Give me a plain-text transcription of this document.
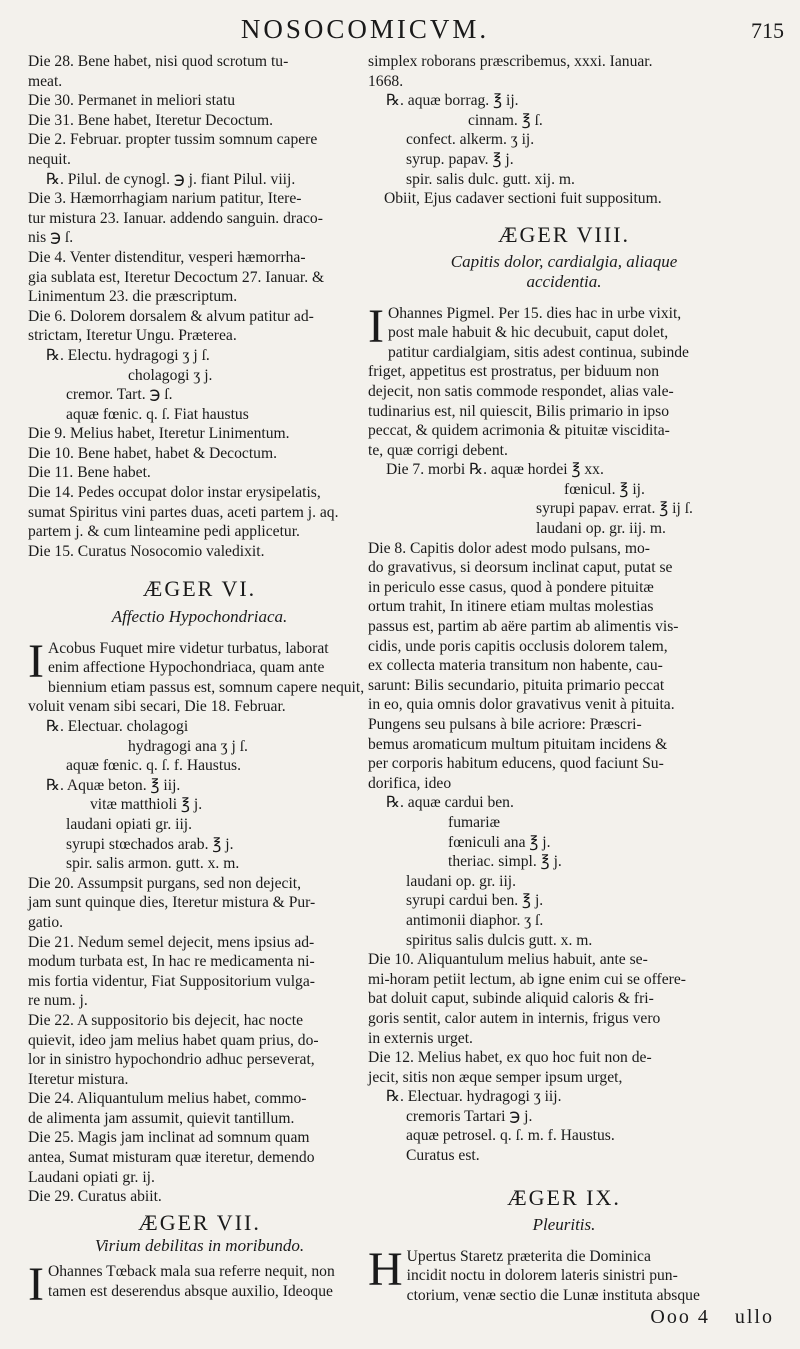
NOSOCOMICVM.	715

Die 28. Bene habet, nisi quod scrotum tu-

meat.

Die 30. Permanet in meliori statu

Die 31. Bene habet, Iteretur Decoctum.

Die 2. Februar. propter tussim somnum capere

nequit.

℞. Pilul. de cynogl. ℈ j. fiant Pilul. viij.

Die 3. Hæmorrhagiam narium patitur, Itere-

tur mistura 23. Ianuar. addendo sanguin. draco-

nis ℈ ſ.

Die 4. Venter distenditur, vesperi hæmorrha-

gia sublata est, Iteretur Decoctum 27. Ianuar. &

Linimentum 23. die præscriptum.

Die 6. Dolorem dorsalem & alvum patitur ad-

strictam, Iteretur Ungu. Præterea.

℞. Electu. hydragogi ʒ j ſ.

cholagogi ʒ j.

cremor. Tart. ℈ ſ.

aquæ fœnic. q. ſ. Fiat haustus

Die 9. Melius habet, Iteretur Linimentum.

Die 10. Bene habet, habet & Decoctum.

Die 11. Bene habet.

Die 14. Pedes occupat dolor instar erysipelatis,

sumat Spiritus vini partes duas, aceti partem j. aq.

partem j. & cum linteamine pedi applicetur.

Die 15. Curatus Nosocomio valedixit.

ÆGER VI.
Affectio Hypochondriaca.
I Acobus Fuquet mire videtur turbatus, laborat

enim affectione Hypochondriaca, quam ante

biennium etiam passus est, somnum capere nequit,

voluit venam sibi secari, Die 18. Februar.

℞. Electuar. cholagogi

hydragogi ana ʒ j ſ.

aquæ fœnic. q. ſ. f. Haustus.

℞. Aquæ beton. ℥ iij.

vitæ matthioli ℥ j.

laudani opiati gr. iij.

syrupi stœchados arab. ℥ j.

spir. salis armon. gutt. x. m.

Die 20. Assumpsit purgans, sed non dejecit,

jam sunt quinque dies, Iteretur mistura & Pur-

gatio.

Die 21. Nedum semel dejecit, mens ipsius ad-

modum turbata est, In hac re medicamenta ni-

mis fortia videntur, Fiat Suppositorium vulga-

re num. j.

Die 22. A suppositorio bis dejecit, hac nocte

quievit, ideo jam melius habet quam prius, do-

lor in sinistro hypochondrio adhuc perseverat,

Iteretur mistura.

Die 24. Aliquantulum melius habet, commo-

de alimenta jam assumit, quievit tantillum.

Die 25. Magis jam inclinat ad somnum quam

antea, Sumat misturam quæ iteretur, demendo

Laudani opiati gr. ij.

Die 29. Curatus abiit.

ÆGER VII.
Virium debilitas in moribundo.
I Ohannes Tœback mala sua referre nequit, non

tamen est deserendus absque auxilio, Ideoque

simplex roborans præscribemus, xxxi. Ianuar.

1668.

℞. aquæ borrag. ℥ ij.

cinnam. ℥ ſ.

confect. alkerm. ʒ ij.

syrup. papav. ℥ j.

spir. salis dulc. gutt. xij. m.

Obiit, Ejus cadaver sectioni fuit suppositum.

ÆGER VIII.
Capitis dolor, cardialgia, aliaque
accidentia.
I Ohannes Pigmel. Per 15. dies hac in urbe vixit,

post male habuit & hic decubuit, caput dolet,

patitur cardialgiam, sitis adest continua, subinde

friget, appetitus est prostratus, per biduum non

dejecit, non satis commode respondet, alias vale-

tudinarius est, nil quiescit, Bilis primario in ipso

peccat, & quidem acrimonia & pituitæ viscidita-

te, quæ corrigi debent.

Die 7. morbi ℞. aquæ hordei ℥ xx.

fœnicul. ℥ ij.

syrupi papav. errat. ℥ ij ſ.

laudani op. gr. iij. m.

Die 8. Capitis dolor adest modo pulsans, mo-

do gravativus, si deorsum inclinat caput, putat se

in periculo esse casus, quod à pondere pituitæ

ortum trahit, In itinere etiam multas molestias

passus est, partim ab aëre partim ab alimentis vis-

cidis, unde poris capitis occlusis dolorem talem,

ex collecta materia transitum non habente, cau-

sarunt: Bilis secundario, pituita primario peccat

in eo, quia omnis dolor gravativus venit à pituita.

Pungens seu pulsans à bile acriore: Præscri-

bemus aromaticum multum pituitam incidens &

per corporis habitum educens, quod faciunt Su-

dorifica, ideo

℞. aquæ cardui ben.

fumariæ

fœniculi ana ℥ j.

theriac. simpl. ℥ j.

laudani op. gr. iij.

syrupi cardui ben. ℥ j.

antimonii diaphor. ʒ ſ.

spiritus salis dulcis gutt. x. m.

Die 10. Aliquantulum melius habuit, ante se-

mi-horam petiit lectum, ab igne enim cui se offere-

bat doluit caput, subinde aliquid caloris & fri-

goris sentit, calor autem in internis, frigus vero

in externis urget.

Die 12. Melius habet, ex quo hoc fuit non de-

jecit, sitis non æque semper ipsum urget,

℞. Electuar. hydragogi ʒ iij.

cremoris Tartari ℈ j.

aquæ petrosel. q. ſ. m. f. Haustus.

Curatus est.

ÆGER IX.
Pleuritis.
H Upertus Staretz præterita die Dominica

incidit noctu in dolorem lateris sinistri pun-

ctorium, venæ sectio die Lunæ instituta absque

Ooo 4 ullo
